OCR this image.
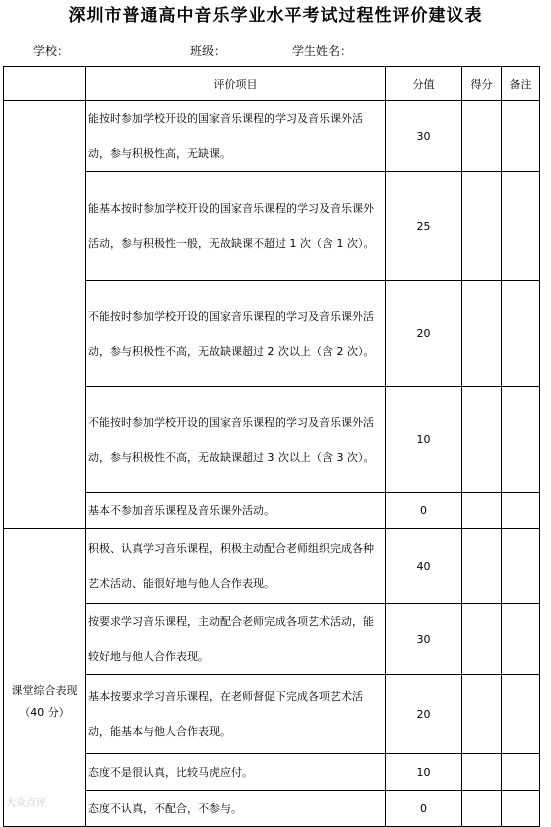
深圳市普通高中音乐学业水平考试过程性评价建议表
学校：	班级：	学生姓名：
	评价项目	分值	得分	备注
	能按时参加学校开设的国家音乐课程的学习及音乐课外活动，参与积极性高，无缺课。	30		
	能基本按时参加学校开设的国家音乐课程的学习及音乐课外活动，参与积极性一般，无故缺课不超过 1 次（含 1 次）。	25		
	不能按时参加学校开设的国家音乐课程的学习及音乐课外活动，参与积极性不高，无故缺课超过 2 次以上（含 2 次）。	20		
	不能按时参加学校开设的国家音乐课程的学习及音乐课外活动，参与积极性不高，无故缺课超过 3 次以上（含 3 次）。	10		
	基本不参加音乐课程及音乐课外活动。	0		

课堂综合表现
（40 分）	积极、认真学习音乐课程，积极主动配合老师组织完成各种艺术活动、能很好地与他人合作表现。	40		
	按要求学习音乐课程，主动配合老师完成各项艺术活动，能较好地与他人合作表现。	30		
	基本按要求学习音乐课程，在老师督促下完成各项艺术活动，能基本与他人合作表现。	20		
	态度不是很认真，比较马虎应付。	10		
	态度不认真，不配合，不参与。	0		
大众点评
